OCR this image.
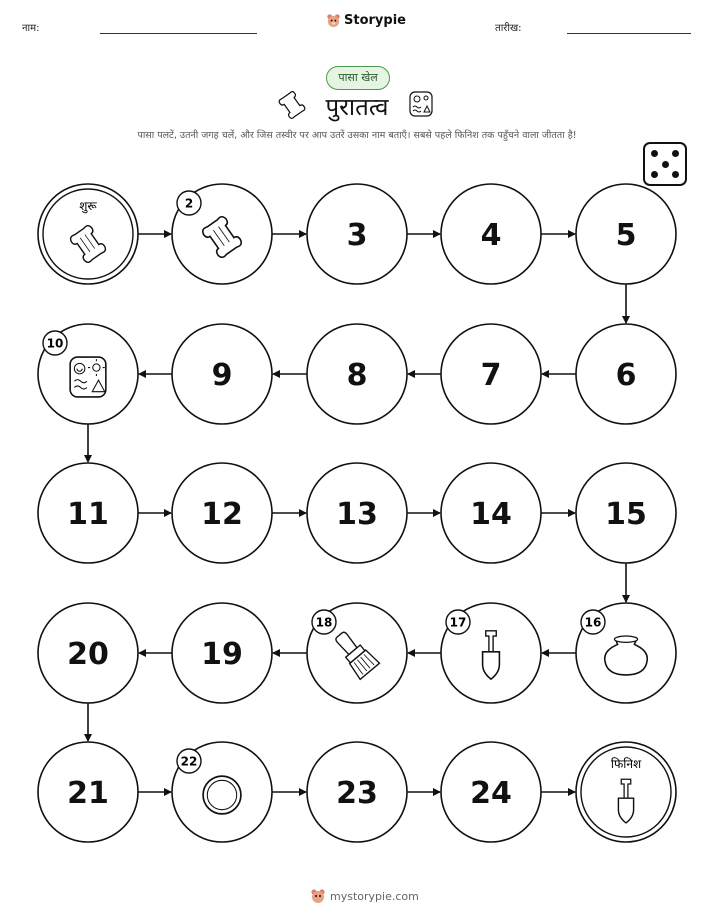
नाम:
Storypie
तारीख:
पासा खेल
पुरातत्व
पासा पलटें, उतनी जगह चलें, और जिस तस्वीर पर आप उतरें उसका नाम बताएँ। सबसे पहले फिनिश तक पहुँचने वाला जीतता है!
शुरू	2
3	4	5
6
7
8
9
10
11	12	13	14	15
16
17
18
19
20
21
22
23	24
फिनिश
mystorypie.com
